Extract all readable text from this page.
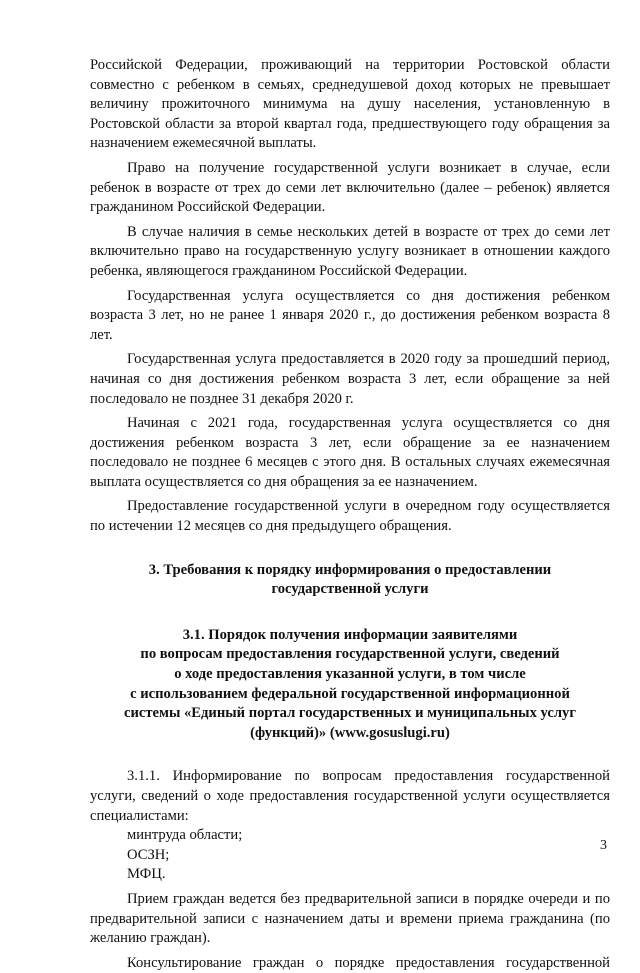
Российской Федерации, проживающий на территории Ростовской области совместно с ребенком в семьях, среднедушевой доход которых не превышает величину прожиточного минимума на душу населения, установленную в Ростовской области за второй квартал года, предшествующего году обращения за назначением ежемесячной выплаты.

Право на получение государственной услуги возникает в случае, если ребенок в возрасте от трех до семи лет включительно (далее – ребенок) является гражданином Российской Федерации.

В случае наличия в семье нескольких детей в возрасте от трех до семи лет включительно право на государственную услугу возникает в отношении каждого ребенка, являющегося гражданином Российской Федерации.

Государственная услуга осуществляется со дня достижения ребенком возраста 3 лет, но не ранее 1 января 2020 г., до достижения ребенком возраста 8 лет.

Государственная услуга предоставляется в 2020 году за прошедший период, начиная со дня достижения ребенком возраста 3 лет, если обращение за ней последовало не позднее 31 декабря 2020 г.

Начиная с 2021 года, государственная услуга осуществляется со дня достижения ребенком возраста 3 лет, если обращение за ее назначением последовало не позднее 6 месяцев с этого дня. В остальных случаях ежемесячная выплата осуществляется со дня обращения за ее назначением.

Предоставление государственной услуги в очередном году осуществляется по истечении 12 месяцев со дня предыдущего обращения.

3. Требования к порядку информирования о предоставлении

государственной услуги

3.1. Порядок получения информации заявителями

по вопросам предоставления государственной услуги, сведений

о ходе предоставления указанной услуги, в том числе

с использованием федеральной государственной информационной

системы «Единый портал государственных и муниципальных услуг

(функций)» (www.gosuslugi.ru)

3.1.1. Информирование по вопросам предоставления государственной услуги, сведений о ходе предоставления государственной услуги осуществляется специалистами:

минтруда области;

ОСЗН;

МФЦ.

Прием граждан ведется без предварительной записи в порядке очереди и по предварительной записи с назначением даты и времени приема гражданина (по желанию граждан).

Консультирование граждан о порядке предоставления государственной

3
